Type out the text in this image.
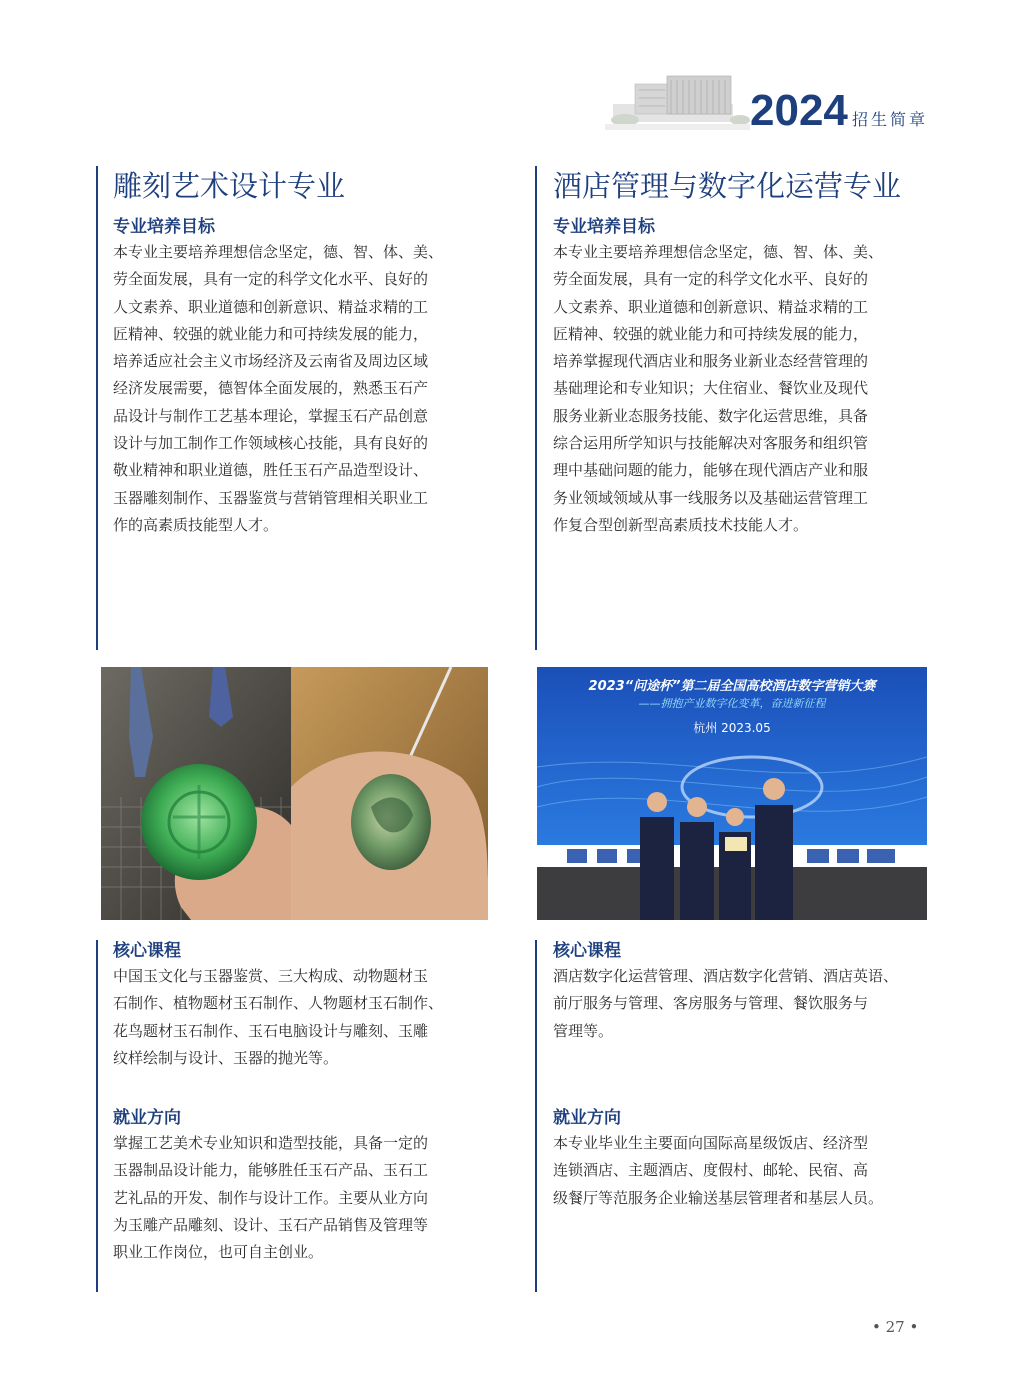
2024 招生简章
雕刻艺术设计专业
专业培养目标
本专业主要培养理想信念坚定，德、智、体、美、
劳全面发展，具有一定的科学文化水平、良好的
人文素养、职业道德和创新意识、精益求精的工
匠精神、较强的就业能力和可持续发展的能力，
培养适应社会主义市场经济及云南省及周边区域
经济发展需要，德智体全面发展的，熟悉玉石产
品设计与制作工艺基本理论，掌握玉石产品创意
设计与加工制作工作领域核心技能，具有良好的
敬业精神和职业道德，胜任玉石产品造型设计、
玉器雕刻制作、玉器鉴赏与营销管理相关职业工
作的高素质技能型人才。
核心课程
中国玉文化与玉器鉴赏、三大构成、动物题材玉
石制作、植物题材玉石制作、人物题材玉石制作、
花鸟题材玉石制作、玉石电脑设计与雕刻、玉雕
纹样绘制与设计、玉器的抛光等。
就业方向
掌握工艺美术专业知识和造型技能，具备一定的
玉器制品设计能力，能够胜任玉石产品、玉石工
艺礼品的开发、制作与设计工作。主要从业方向
为玉雕产品雕刻、设计、玉石产品销售及管理等
职业工作岗位，也可自主创业。
酒店管理与数字化运营专业
专业培养目标
本专业主要培养理想信念坚定，德、智、体、美、
劳全面发展，具有一定的科学文化水平、良好的
人文素养、职业道德和创新意识、精益求精的工
匠精神、较强的就业能力和可持续发展的能力，
培养掌握现代酒店业和服务业新业态经营管理的
基础理论和专业知识；大住宿业、餐饮业及现代
服务业新业态服务技能、数字化运营思维，具备
综合运用所学知识与技能解决对客服务和组织管
理中基础问题的能力，能够在现代酒店产业和服
务业领域领域从事一线服务以及基础运营管理工
作复合型创新型高素质技术技能人才。
2023“问途杯”第二届全国高校酒店数字营销大赛
——拥抱产业数字化变革，奋进新征程
杭州 2023.05
核心课程
酒店数字化运营管理、酒店数字化营销、酒店英语、
前厅服务与管理、客房服务与管理、餐饮服务与
管理等。
就业方向
本专业毕业生主要面向国际高星级饭店、经济型
连锁酒店、主题酒店、度假村、邮轮、民宿、高
级餐厅等范服务企业输送基层管理者和基层人员。
• 27 •
